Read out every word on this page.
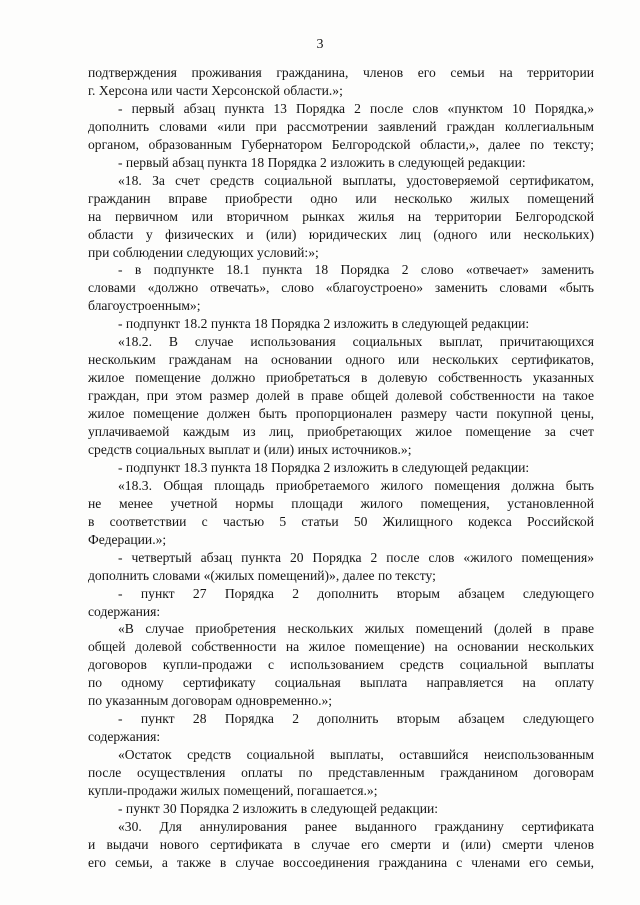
3
подтверждения проживания гражданина, членов его семьи на территории
г. Херсона или части Херсонской области.»;
- первый абзац пункта 13 Порядка 2 после слов «пунктом 10 Порядка,»
дополнить словами «или при рассмотрении заявлений граждан коллегиальным
органом, образованным Губернатором Белгородской области,», далее по тексту;
- первый абзац пункта 18 Порядка 2 изложить в следующей редакции:
«18. За счет средств социальной выплаты, удостоверяемой сертификатом,
гражданин вправе приобрести одно или несколько жилых помещений
на первичном или вторичном рынках жилья на территории Белгородской
области у физических и (или) юридических лиц (одного или нескольких)
при соблюдении следующих условий:»;
- в подпункте 18.1 пункта 18 Порядка 2 слово «отвечает» заменить
словами «должно отвечать», слово «благоустроено» заменить словами «быть
благоустроенным»;
- подпункт 18.2 пункта 18 Порядка 2 изложить в следующей редакции:
«18.2. В случае использования социальных выплат, причитающихся
нескольким гражданам на основании одного или нескольких сертификатов,
жилое помещение должно приобретаться в долевую собственность указанных
граждан, при этом размер долей в праве общей долевой собственности на такое
жилое помещение должен быть пропорционален размеру части покупной цены,
уплачиваемой каждым из лиц, приобретающих жилое помещение за счет
средств социальных выплат и (или) иных источников.»;
- подпункт 18.3 пункта 18 Порядка 2 изложить в следующей редакции:
«18.3. Общая площадь приобретаемого жилого помещения должна быть
не менее учетной нормы площади жилого помещения, установленной
в соответствии с частью 5 статьи 50 Жилищного кодекса Российской
Федерации.»;
- четвертый абзац пункта 20 Порядка 2 после слов «жилого помещения»
дополнить словами «(жилых помещений)», далее по тексту;
- пункт 27 Порядка 2 дополнить вторым абзацем следующего
содержания:
«В случае приобретения нескольких жилых помещений (долей в праве
общей долевой собственности на жилое помещение) на основании нескольких
договоров купли-продажи с использованием средств социальной выплаты
по одному сертификату социальная выплата направляется на оплату
по указанным договорам одновременно.»;
- пункт 28 Порядка 2 дополнить вторым абзацем следующего
содержания:
«Остаток средств социальной выплаты, оставшийся неиспользованным
после осуществления оплаты по представленным гражданином договорам
купли-продажи жилых помещений, погашается.»;
- пункт 30 Порядка 2 изложить в следующей редакции:
«30. Для аннулирования ранее выданного гражданину сертификата
и выдачи нового сертификата в случае его смерти и (или) смерти членов
его семьи, а также в случае воссоединения гражданина с членами его семьи,
